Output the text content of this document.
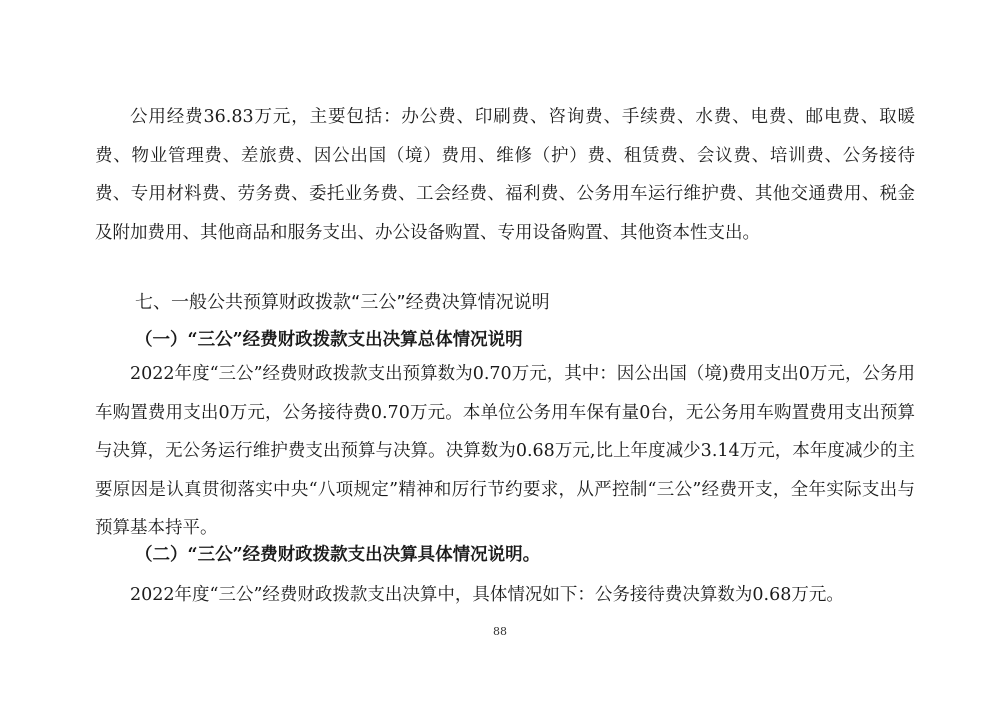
公用经费36.83万元，主要包括：办公费、印刷费、咨询费、手续费、水费、电费、邮电费、取暖费、物业管理费、差旅费、因公出国（境）费用、维修（护）费、租赁费、会议费、培训费、公务接待费、专用材料费、劳务费、委托业务费、工会经费、福利费、公务用车运行维护费、其他交通费用、税金及附加费用、其他商品和服务支出、办公设备购置、专用设备购置、其他资本性支出。

七、一般公共预算财政拨款“三公”经费决算情况说明

（一）“三公”经费财政拨款支出决算总体情况说明

2022年度“三公”经费财政拨款支出预算数为0.70万元，其中：因公出国（境)费用支出0万元，公务用车购置费用支出0万元，公务接待费0.70万元。本单位公务用车保有量0台，无公务用车购置费用支出预算与决算，无公务运行维护费支出预算与决算。决算数为0.68万元,比上年度减少3.14万元，本年度减少的主要原因是认真贯彻落实中央“八项规定”精神和厉行节约要求，从严控制“三公”经费开支，全年实际支出与预算基本持平。

（二）“三公”经费财政拨款支出决算具体情况说明。

2022年度“三公”经费财政拨款支出决算中，具体情况如下：公务接待费决算数为0.68万元。

88
